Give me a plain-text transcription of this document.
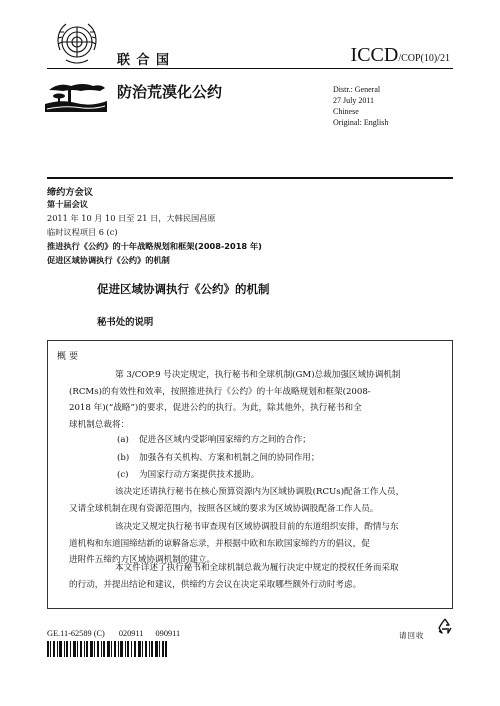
联 合 国	ICCD/COP(10)/21
防治荒漠化公约	Distr.: General
27 July 2011
Chinese
Original: English
缔约方会议
第十届会议
2011 年 10 月 10 日至 21 日，大韩民国昌原
临时议程项目 6 (c)
推进执行《公约》的十年战略规划和框架(2008-2018 年)
促进区域协调执行《公约》的机制
促进区域协调执行《公约》的机制
秘书处的说明
概要
第 3/COP.9 号决定规定，执行秘书和全球机制(GM)总裁加强区域协调机制
(RCMs)的有效性和效率，按照推进执行《公约》的十年战略规划和框架(2008-
2018 年)(“战略”)的要求，促进公约的执行。为此，除其他外，执行秘书和全
球机制总裁将：
(a) 促进各区域内受影响国家缔约方之间的合作；
(b) 加强各有关机构、方案和机制之间的协同作用；
(c) 为国家行动方案提供技术援助。
该决定还请执行秘书在核心预算资源内为区域协调股(RCUs)配备工作人员，
又请全球机制在现有资源范围内，按照各区域的要求为区域协调股配备工作人员。
该决定又规定执行秘书审查现有区域协调股目前的东道组织安排，酌情与东
道机构和东道国缔结新的谅解备忘录，并根据中欧和东欧国家缔约方的倡议，促
进附件五缔约方区域协调机制的建立。
本文件详述了执行秘书和全球机制总裁为履行决定中规定的授权任务而采取
的行动，并提出结论和建议，供缔约方会议在决定采取哪些额外行动时考虑。
GE.11-62589 (C) 020911 090911	请回收
